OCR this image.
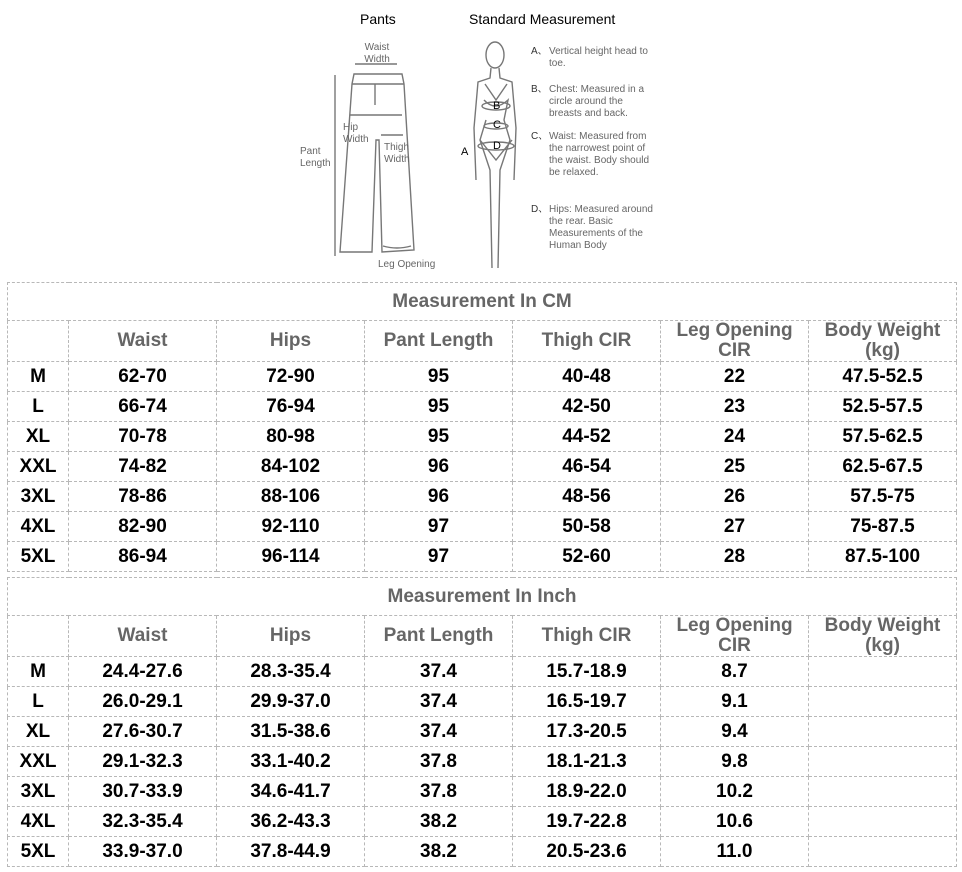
Pants	Standard Measurement
Waist Width
Hip Width
Thigh Width
Pant Length
Leg Opening
A
B
C
D
A、 Vertical height head to toe.
B、 Chest: Measured in a circle around the breasts and back.
C、 Waist: Measured from the narrowest point of the waist. Body should be relaxed.
D、 Hips: Measured around the rear. Basic Measurements of the Human Body
Measurement In CM						
	Waist	Hips	Pant Length	Thigh CIR	Leg Opening CIR	Body Weight (kg)
M	62-70	72-90	95	40-48	22	47.5-52.5
L	66-74	76-94	95	42-50	23	52.5-57.5
XL	70-78	80-98	95	44-52	24	57.5-62.5
XXL	74-82	84-102	96	46-54	25	62.5-67.5
3XL	78-86	88-106	96	48-56	26	57.5-75
4XL	82-90	92-110	97	50-58	27	75-87.5
5XL	86-94	96-114	97	52-60	28	87.5-100
Measurement In Inch						
	Waist	Hips	Pant Length	Thigh CIR	Leg Opening CIR	Body Weight (kg)
M	24.4-27.6	28.3-35.4	37.4	15.7-18.9	8.7	
L	26.0-29.1	29.9-37.0	37.4	16.5-19.7	9.1	
XL	27.6-30.7	31.5-38.6	37.4	17.3-20.5	9.4	
XXL	29.1-32.3	33.1-40.2	37.8	18.1-21.3	9.8	
3XL	30.7-33.9	34.6-41.7	37.8	18.9-22.0	10.2	
4XL	32.3-35.4	36.2-43.3	38.2	19.7-22.8	10.6	
5XL	33.9-37.0	37.8-44.9	38.2	20.5-23.6	11.0	
